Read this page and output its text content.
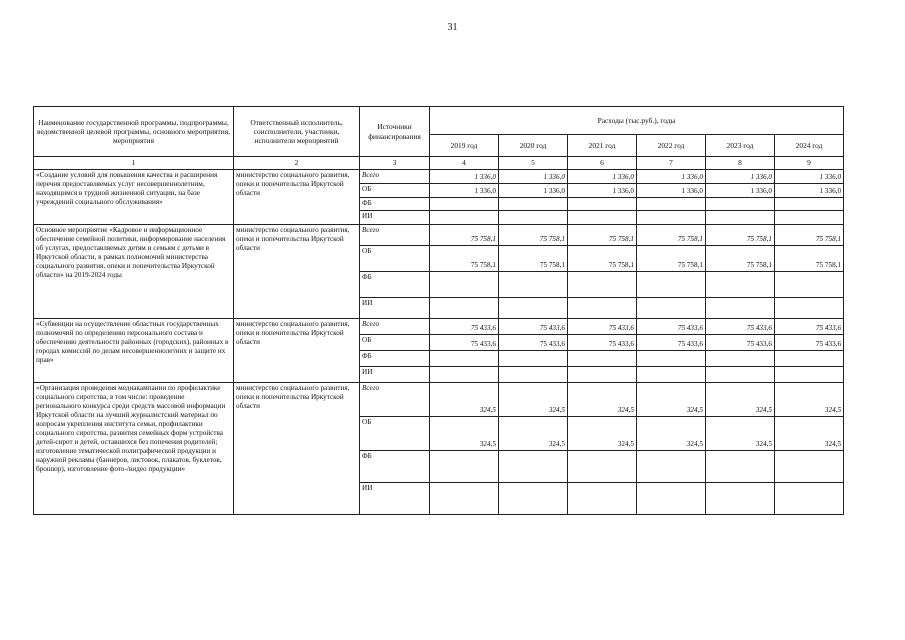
31
Наименование государственной программы, подпрограммы, ведомственной целевой программы, основного мероприятия, мероприятия	Ответственный исполнитель, соисполнители, участники, исполнители мероприятий	Источники финансирования	Расходы (тыс.руб.), годы					
			2019 год	2020 год	2021 год	2022 год	2023 год	2024 год
1	2	3	4	5	6	7	8	9
«Создание условий для повышения качества и расширения перечня предоставляемых услуг несовершеннолетним, находящимся в трудной жизненной ситуации, на базе учреждений социального обслуживания»	министерство социального развития, опеки и попечительства Иркутской области	Всего	1 336,0	1 336,0	1 336,0	1 336,0	1 336,0	1 336,0
		ОБ	1 336,0	1 336,0	1 336,0	1 336,0	1 336,0	1 336,0
		ФБ						
		ИИ						
Основное мероприятие «Кадровое и информационное обеспечение семейной политики, информирование населения об услугах, предоставляемых детям и семьям с детьми в Иркутской области, в рамках полномочий министерства социального развития, опеки и попечительства Иркутской области» на 2019-2024 годы	министерство социального развития, опеки и попечительства Иркутской области	Всего	75 758,1	75 758,1	75 758,1	75 758,1	75 758,1	75 758,1
		ОБ	75 758,1	75 758,1	75 758,1	75 758,1	75 758,1	75 758,1
		ФБ						
		ИИ						
«Субвенции на осуществление областных государственных полномочий по определению персонального состава и обеспечению деятельности районных (городских), районных в городах комиссий по делам несовершеннолетних и защите их прав»	министерство социального развития, опеки и попечительства Иркутской области	Всего	75 433,6	75 433,6	75 433,6	75 433,6	75 433,6	75 433,6
		ОБ	75 433,6	75 433,6	75 433,6	75 433,6	75 433,6	75 433,6
		ФБ						
		ИИ						
«Организация проведения медиакампании по профилактике социального сиротства, в том числе: проведение регионального конкурса среди средств массовой информации Иркутской области на лучший журналистский материал по вопросам укрепления института семьи, профилактики социального сиротства, развития семейных форм устройства детей-сирот и детей, оставшихся без попечения родителей; изготовление тематической полиграфической продукции и наружной рекламы (баннеров, листовок, плакатов, буклетов, брошюр), изготовление фото-/видео продукции»	министерство социального развития, опеки и попечительства Иркутской области	Всего	324,5	324,5	324,5	324,5	324,5	324,5
		ОБ	324,5	324,5	324,5	324,5	324,5	324,5
		ФБ						
		ИИ						
